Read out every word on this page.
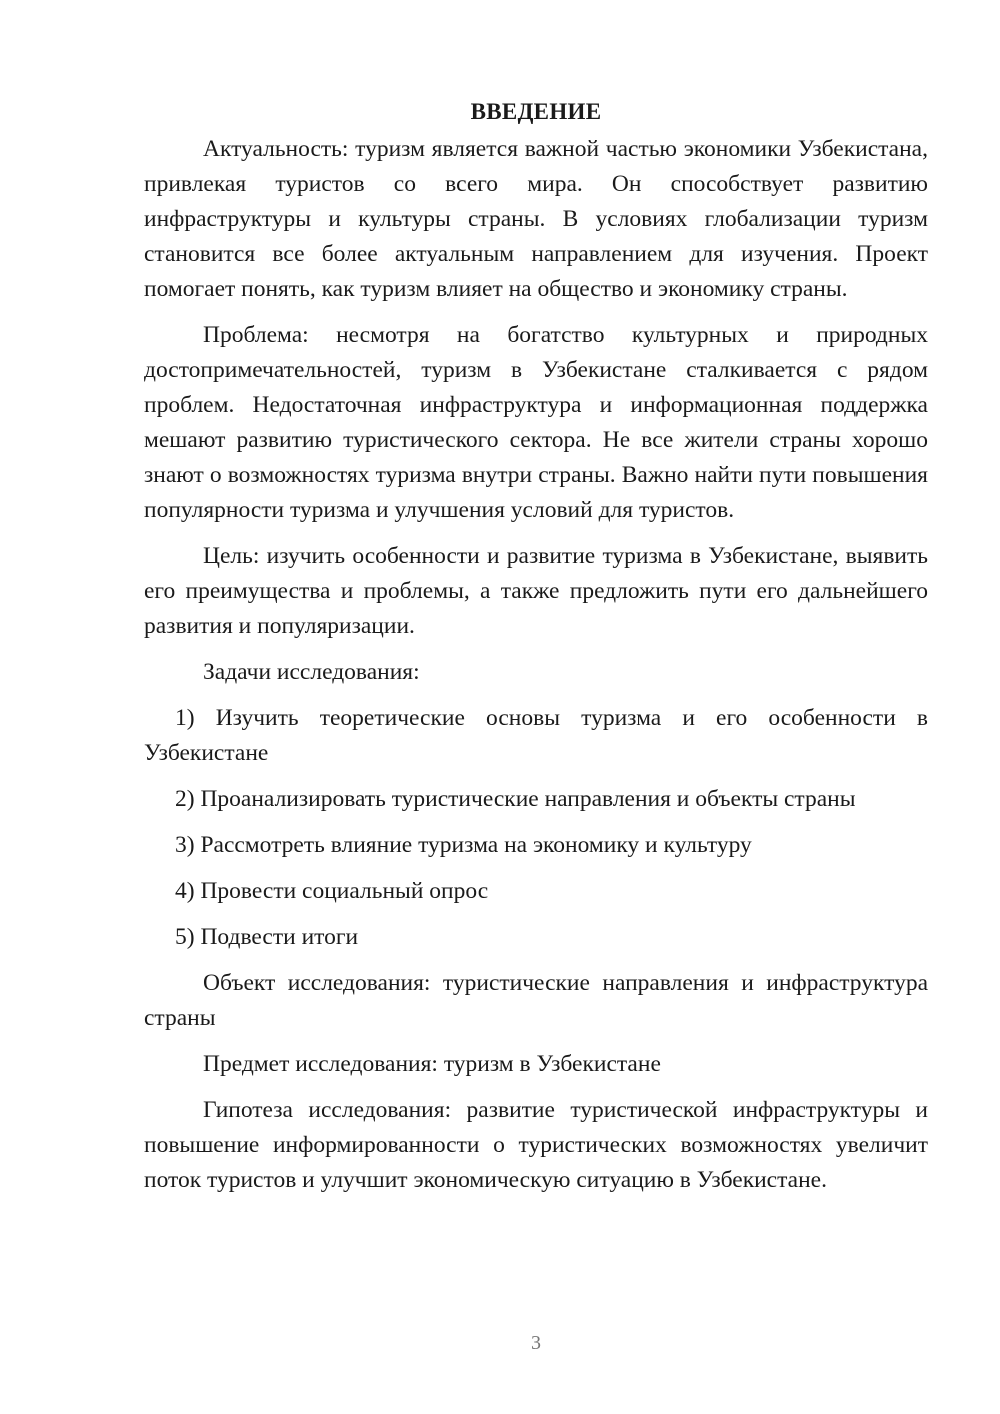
ВВЕДЕНИЕ

Актуальность: туризм является важной частью экономики Узбекистана, привлекая туристов со всего мира. Он способствует развитию инфраструктуры и культуры страны. В условиях глобализации туризм становится все более актуальным направлением для изучения. Проект помогает понять, как туризм влияет на общество и экономику страны.

Проблема: несмотря на богатство культурных и природных достопримечательностей, туризм в Узбекистане сталкивается с рядом проблем. Недостаточная инфраструктура и информационная поддержка мешают развитию туристического сектора. Не все жители страны хорошо знают о возможностях туризма внутри страны. Важно найти пути повышения популярности туризма и улучшения условий для туристов.

Цель: изучить особенности и развитие туризма в Узбекистане, выявить его преимущества и проблемы, а также предложить пути его дальнейшего развития и популяризации.

Задачи исследования:

1) Изучить теоретические основы туризма и его особенности в Узбекистане

2) Проанализировать туристические направления и объекты страны

3) Рассмотреть влияние туризма на экономику и культуру

4) Провести социальный опрос

5) Подвести итоги

Объект исследования: туристические направления и инфраструктура страны

Предмет исследования: туризм в Узбекистане

Гипотеза исследования: развитие туристической инфраструктуры и повышение информированности о туристических возможностях увеличит поток туристов и улучшит экономическую ситуацию в Узбекистане.

3
